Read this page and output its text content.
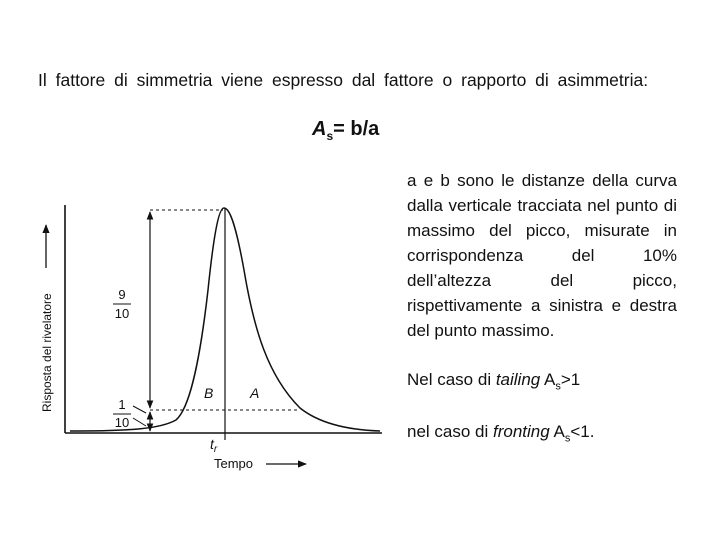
Il fattore di simmetria viene espresso dal fattore o rapporto di asimmetria:
$A_s= b/a$
a e b sono le distanze della curva dalla verticale tracciata nel punto di massimo del picco, misurate in corrispondenza del 10% dell’altezza del picco, rispettivamente a sinistra e destra del punto massimo.
Nel caso di tailing $A_s>1$
nel caso di fronting $A_s<1$.
Risposta del rivelatore
Tempo
9
10
1
10
B	A
$t_r$
